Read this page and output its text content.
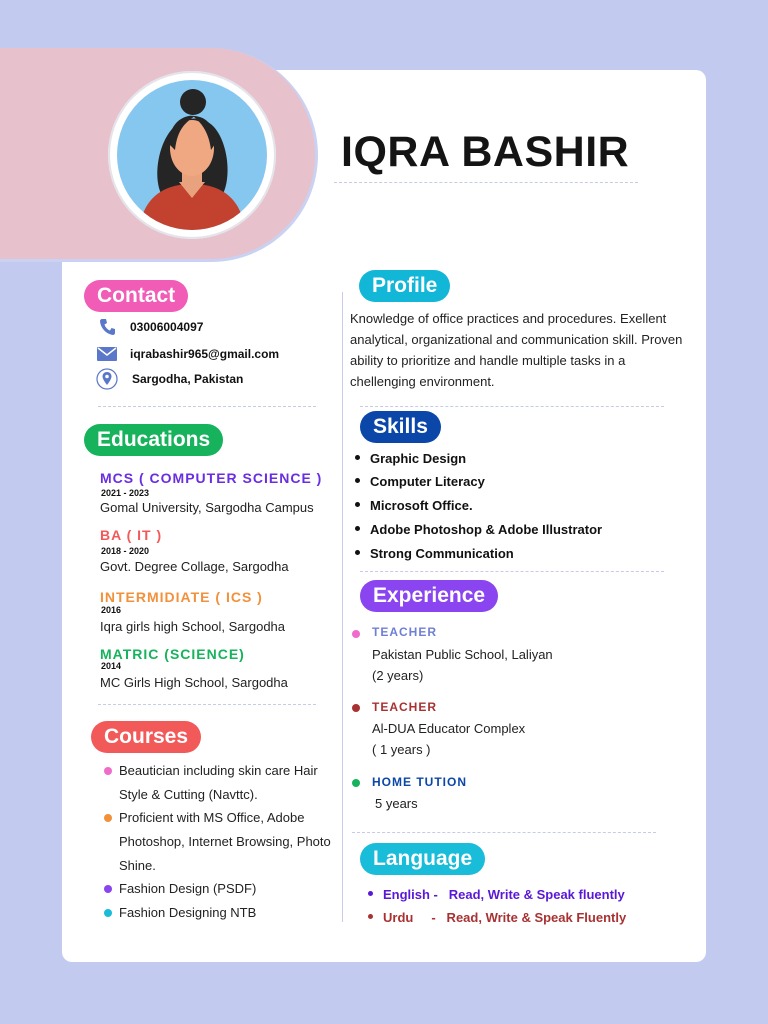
IQRA BASHIR
Contact
03006004097
iqrabashir965@gmail.com
Sargodha, Pakistan
Educations
MCS ( COMPUTER SCIENCE )
2021 - 2023
Gomal University, Sargodha Campus
BA ( IT )
2018 - 2020
Govt. Degree Collage, Sargodha
INTERMIDIATE ( ICS )
2016
Iqra girls high School, Sargodha
MATRIC (SCIENCE)
2014
MC Girls High School, Sargodha
Courses
Beautician including skin care Hair Style & Cutting (Navttc).
Proficient with MS Office, Adobe Photoshop, Internet Browsing, Photo Shine.
Fashion Design (PSDF)
Fashion Designing NTB
Profile

Knowledge of office practices and procedures. Exellent analytical, organizational and communication skill. Proven ability to prioritize and handle multiple tasks in a chellenging environment.

Skills
Graphic Design
Computer Literacy
Microsoft Office.
Adobe Photoshop & Adobe Illustrator
Strong Communication
Experience
TEACHER
Pakistan Public School, Laliyan
(2 years)
TEACHER
Al-DUA Educator Complex
( 1 years )
HOME TUTION
5 years
Language
English -   Read, Write & Speak fluently
Urdu     -   Read, Write & Speak Fluently
